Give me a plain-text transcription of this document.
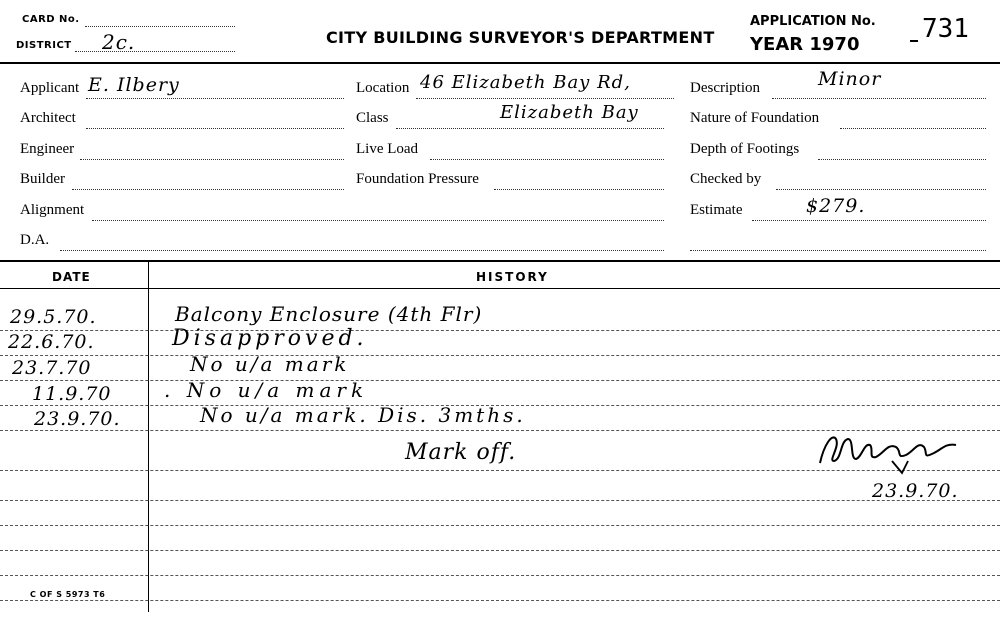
CARD No.
DISTRICT 2c.	CITY BUILDING SURVEYOR'S DEPARTMENT
APPLICATION No. 731
YEAR 1970
Applicant E. Ilbery
Architect
Engineer
Builder
Alignment
D.A.
Location 46 Elizabeth Bay Rd,
Class	Elizabeth Bay
Live Load
Foundation Pressure
Description	Minor
Nature of Foundation
Depth of Footings
Checked by
Estimate	$279.
DATE	HISTORY
29.5.70.	Balcony Enclosure (4th Flr)
22.6.70.	Disapproved.
23.7.70	No u/a mark
11.9.70	. No u/a mark
23.9.70.	No u/a mark. Dis. 3mths.
Mark off.
23.9.70.
C OF S 5973 T6
